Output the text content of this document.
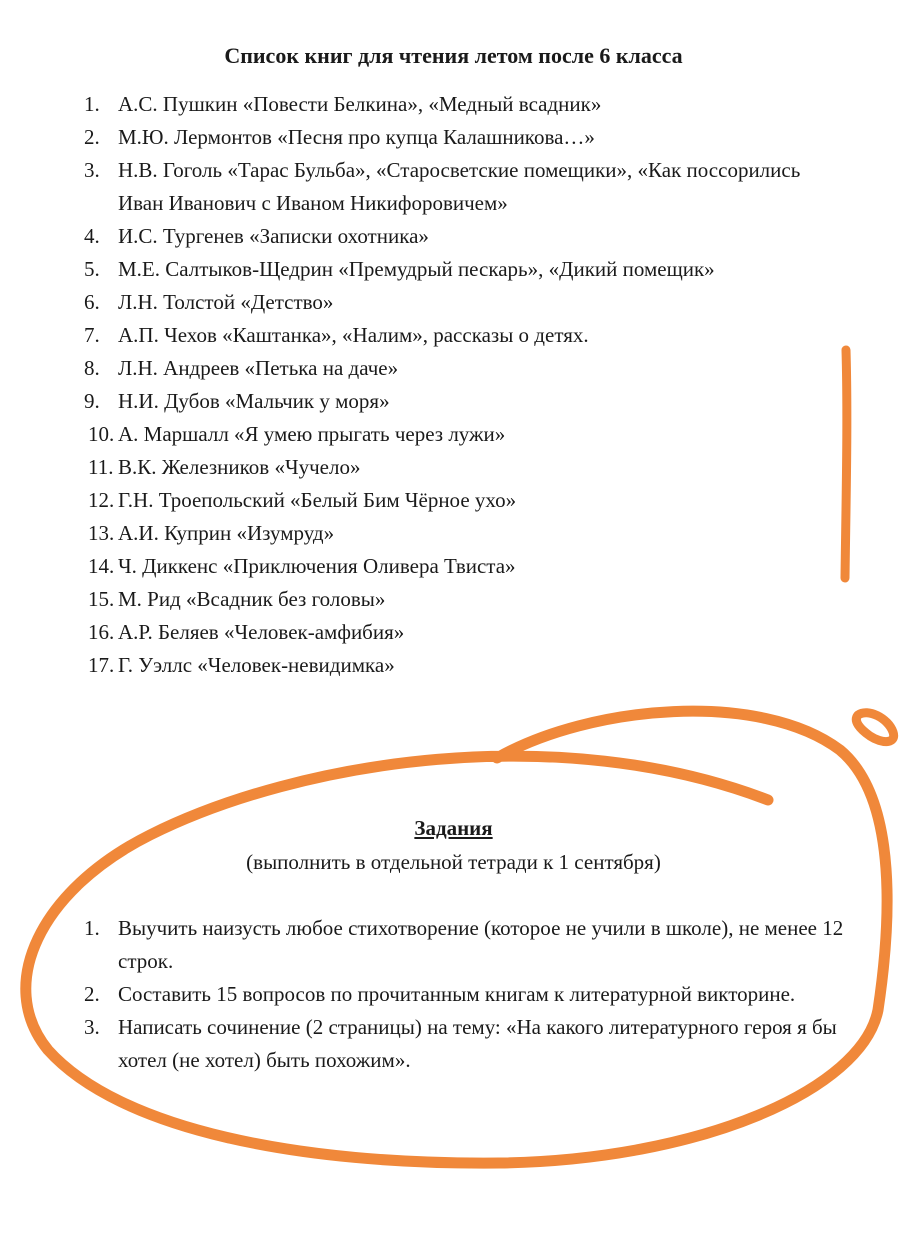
Список книг для чтения летом после 6 класса
1. А.С. Пушкин «Повести Белкина», «Медный всадник»
2. М.Ю. Лермонтов «Песня про купца Калашникова…»
3. Н.В. Гоголь «Тарас Бульба», «Старосветские помещики», «Как поссорились Иван Иванович с Иваном Никифоровичем»
4. И.С. Тургенев «Записки охотника»
5. М.Е. Салтыков-Щедрин «Премудрый пескарь», «Дикий помещик»
6. Л.Н. Толстой «Детство»
7. А.П. Чехов «Каштанка», «Налим», рассказы о детях.
8. Л.Н. Андреев «Петька на даче»
9. Н.И. Дубов «Мальчик у моря»
10. А. Маршалл «Я умею прыгать через лужи»
11. В.К. Железников «Чучело»
12. Г.Н. Троепольский «Белый Бим Чёрное ухо»
13. А.И. Куприн «Изумруд»
14. Ч. Диккенс «Приключения Оливера Твиста»
15. М. Рид «Всадник без головы»
16. А.Р. Беляев «Человек-амфибия»
17. Г. Уэллс «Человек-невидимка»
Задания
(выполнить в отдельной тетради к 1 сентября)
1. Выучить наизусть любое стихотворение (которое не учили в школе), не менее 12 строк.
2. Составить 15 вопросов по прочитанным книгам к литературной викторине.
3. Написать сочинение (2 страницы) на тему: «На какого литературного героя я бы хотел (не хотел) быть похожим».
